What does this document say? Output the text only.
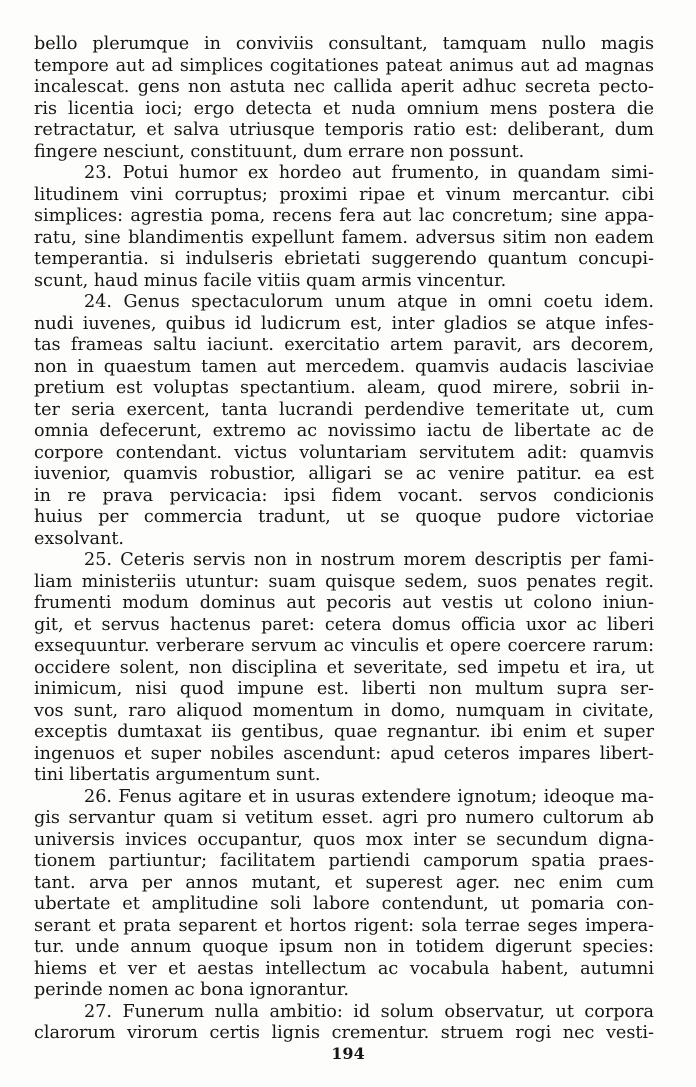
bello plerumque in conviviis consultant, tamquam nullo magis
tempore aut ad simplices cogitationes pateat animus aut ad magnas
incalescat. gens non astuta nec callida aperit adhuc secreta pecto-
ris licentia ioci; ergo detecta et nuda omnium mens postera die
retractatur, et salva utriusque temporis ratio est: deliberant, dum
fingere nesciunt, constituunt, dum errare non possunt.
23. Potui humor ex hordeo aut frumento, in quandam simi-
litudinem vini corruptus; proximi ripae et vinum mercantur. cibi
simplices: agrestia poma, recens fera aut lac concretum; sine appa-
ratu, sine blandimentis expellunt famem. adversus sitim non eadem
temperantia. si indulseris ebrietati suggerendo quantum concupi-
scunt, haud minus facile vitiis quam armis vincentur.
24. Genus spectaculorum unum atque in omni coetu idem.
nudi iuvenes, quibus id ludicrum est, inter gladios se atque infes-
tas frameas saltu iaciunt. exercitatio artem paravit, ars decorem,
non in quaestum tamen aut mercedem. quamvis audacis lasciviae
pretium est voluptas spectantium. aleam, quod mirere, sobrii in-
ter seria exercent, tanta lucrandi perdendive temeritate ut, cum
omnia defecerunt, extremo ac novissimo iactu de libertate ac de
corpore contendant. victus voluntariam servitutem adit: quamvis
iuvenior, quamvis robustior, alligari se ac venire patitur. ea est
in re prava pervicacia: ipsi fidem vocant. servos condicionis
huius per commercia tradunt, ut se quoque pudore victoriae
exsolvant.
25. Ceteris servis non in nostrum morem descriptis per fami-
liam ministeriis utuntur: suam quisque sedem, suos penates regit.
frumenti modum dominus aut pecoris aut vestis ut colono iniun-
git, et servus hactenus paret: cetera domus officia uxor ac liberi
exsequuntur. verberare servum ac vinculis et opere coercere rarum:
occidere solent, non disciplina et severitate, sed impetu et ira, ut
inimicum, nisi quod impune est. liberti non multum supra ser-
vos sunt, raro aliquod momentum in domo, numquam in civitate,
exceptis dumtaxat iis gentibus, quae regnantur. ibi enim et super
ingenuos et super nobiles ascendunt: apud ceteros impares libert-
tini libertatis argumentum sunt.
26. Fenus agitare et in usuras extendere ignotum; ideoque ma-
gis servantur quam si vetitum esset. agri pro numero cultorum ab
universis invices occupantur, quos mox inter se secundum digna-
tionem partiuntur; facilitatem partiendi camporum spatia praes-
tant. arva per annos mutant, et superest ager. nec enim cum
ubertate et amplitudine soli labore contendunt, ut pomaria con-
serant et prata separent et hortos rigent: sola terrae seges impera-
tur. unde annum quoque ipsum non in totidem digerunt species:
hiems et ver et aestas intellectum ac vocabula habent, autumni
perinde nomen ac bona ignorantur.
27. Funerum nulla ambitio: id solum observatur, ut corpora
clarorum virorum certis lignis crementur. struem rogi nec vesti-
194
